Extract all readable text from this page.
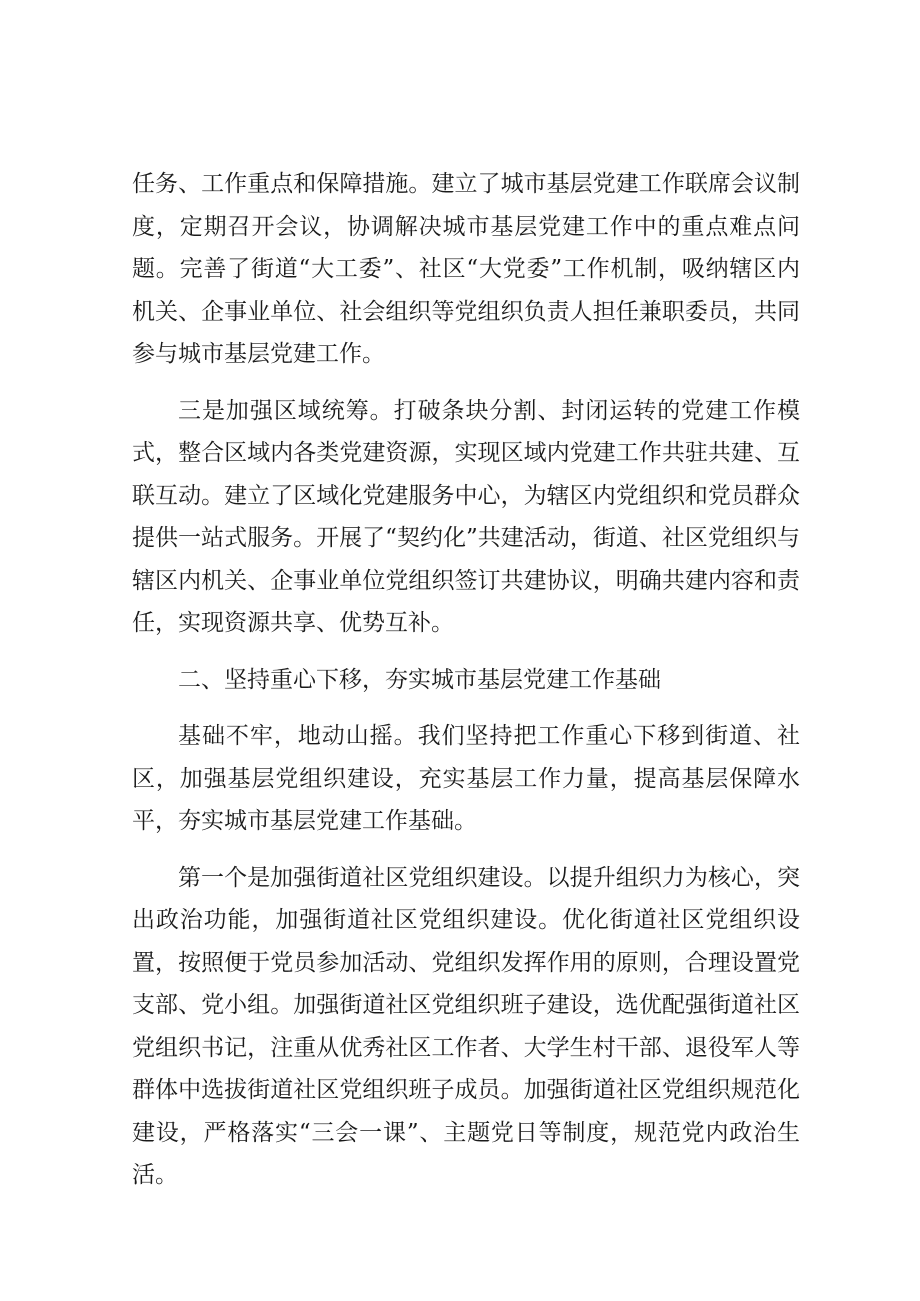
任务、工作重点和保障措施。建立了城市基层党建工作联席会议制度，定期召开会议，协调解决城市基层党建工作中的重点难点问题。完善了街道“大工委”、社区“大党委”工作机制，吸纳辖区内机关、企事业单位、社会组织等党组织负责人担任兼职委员，共同参与城市基层党建工作。

三是加强区域统筹。打破条块分割、封闭运转的党建工作模式，整合区域内各类党建资源，实现区域内党建工作共驻共建、互联互动。建立了区域化党建服务中心，为辖区内党组织和党员群众提供一站式服务。开展了“契约化”共建活动，街道、社区党组织与辖区内机关、企事业单位党组织签订共建协议，明确共建内容和责任，实现资源共享、优势互补。

二、坚持重心下移，夯实城市基层党建工作基础

基础不牢，地动山摇。我们坚持把工作重心下移到街道、社区，加强基层党组织建设，充实基层工作力量，提高基层保障水平，夯实城市基层党建工作基础。

第一个是加强街道社区党组织建设。以提升组织力为核心，突出政治功能，加强街道社区党组织建设。优化街道社区党组织设置，按照便于党员参加活动、党组织发挥作用的原则，合理设置党支部、党小组。加强街道社区党组织班子建设，选优配强街道社区党组织书记，注重从优秀社区工作者、大学生村干部、退役军人等群体中选拔街道社区党组织班子成员。加强街道社区党组织规范化建设，严格落实“三会一课”、主题党日等制度，规范党内政治生活。
